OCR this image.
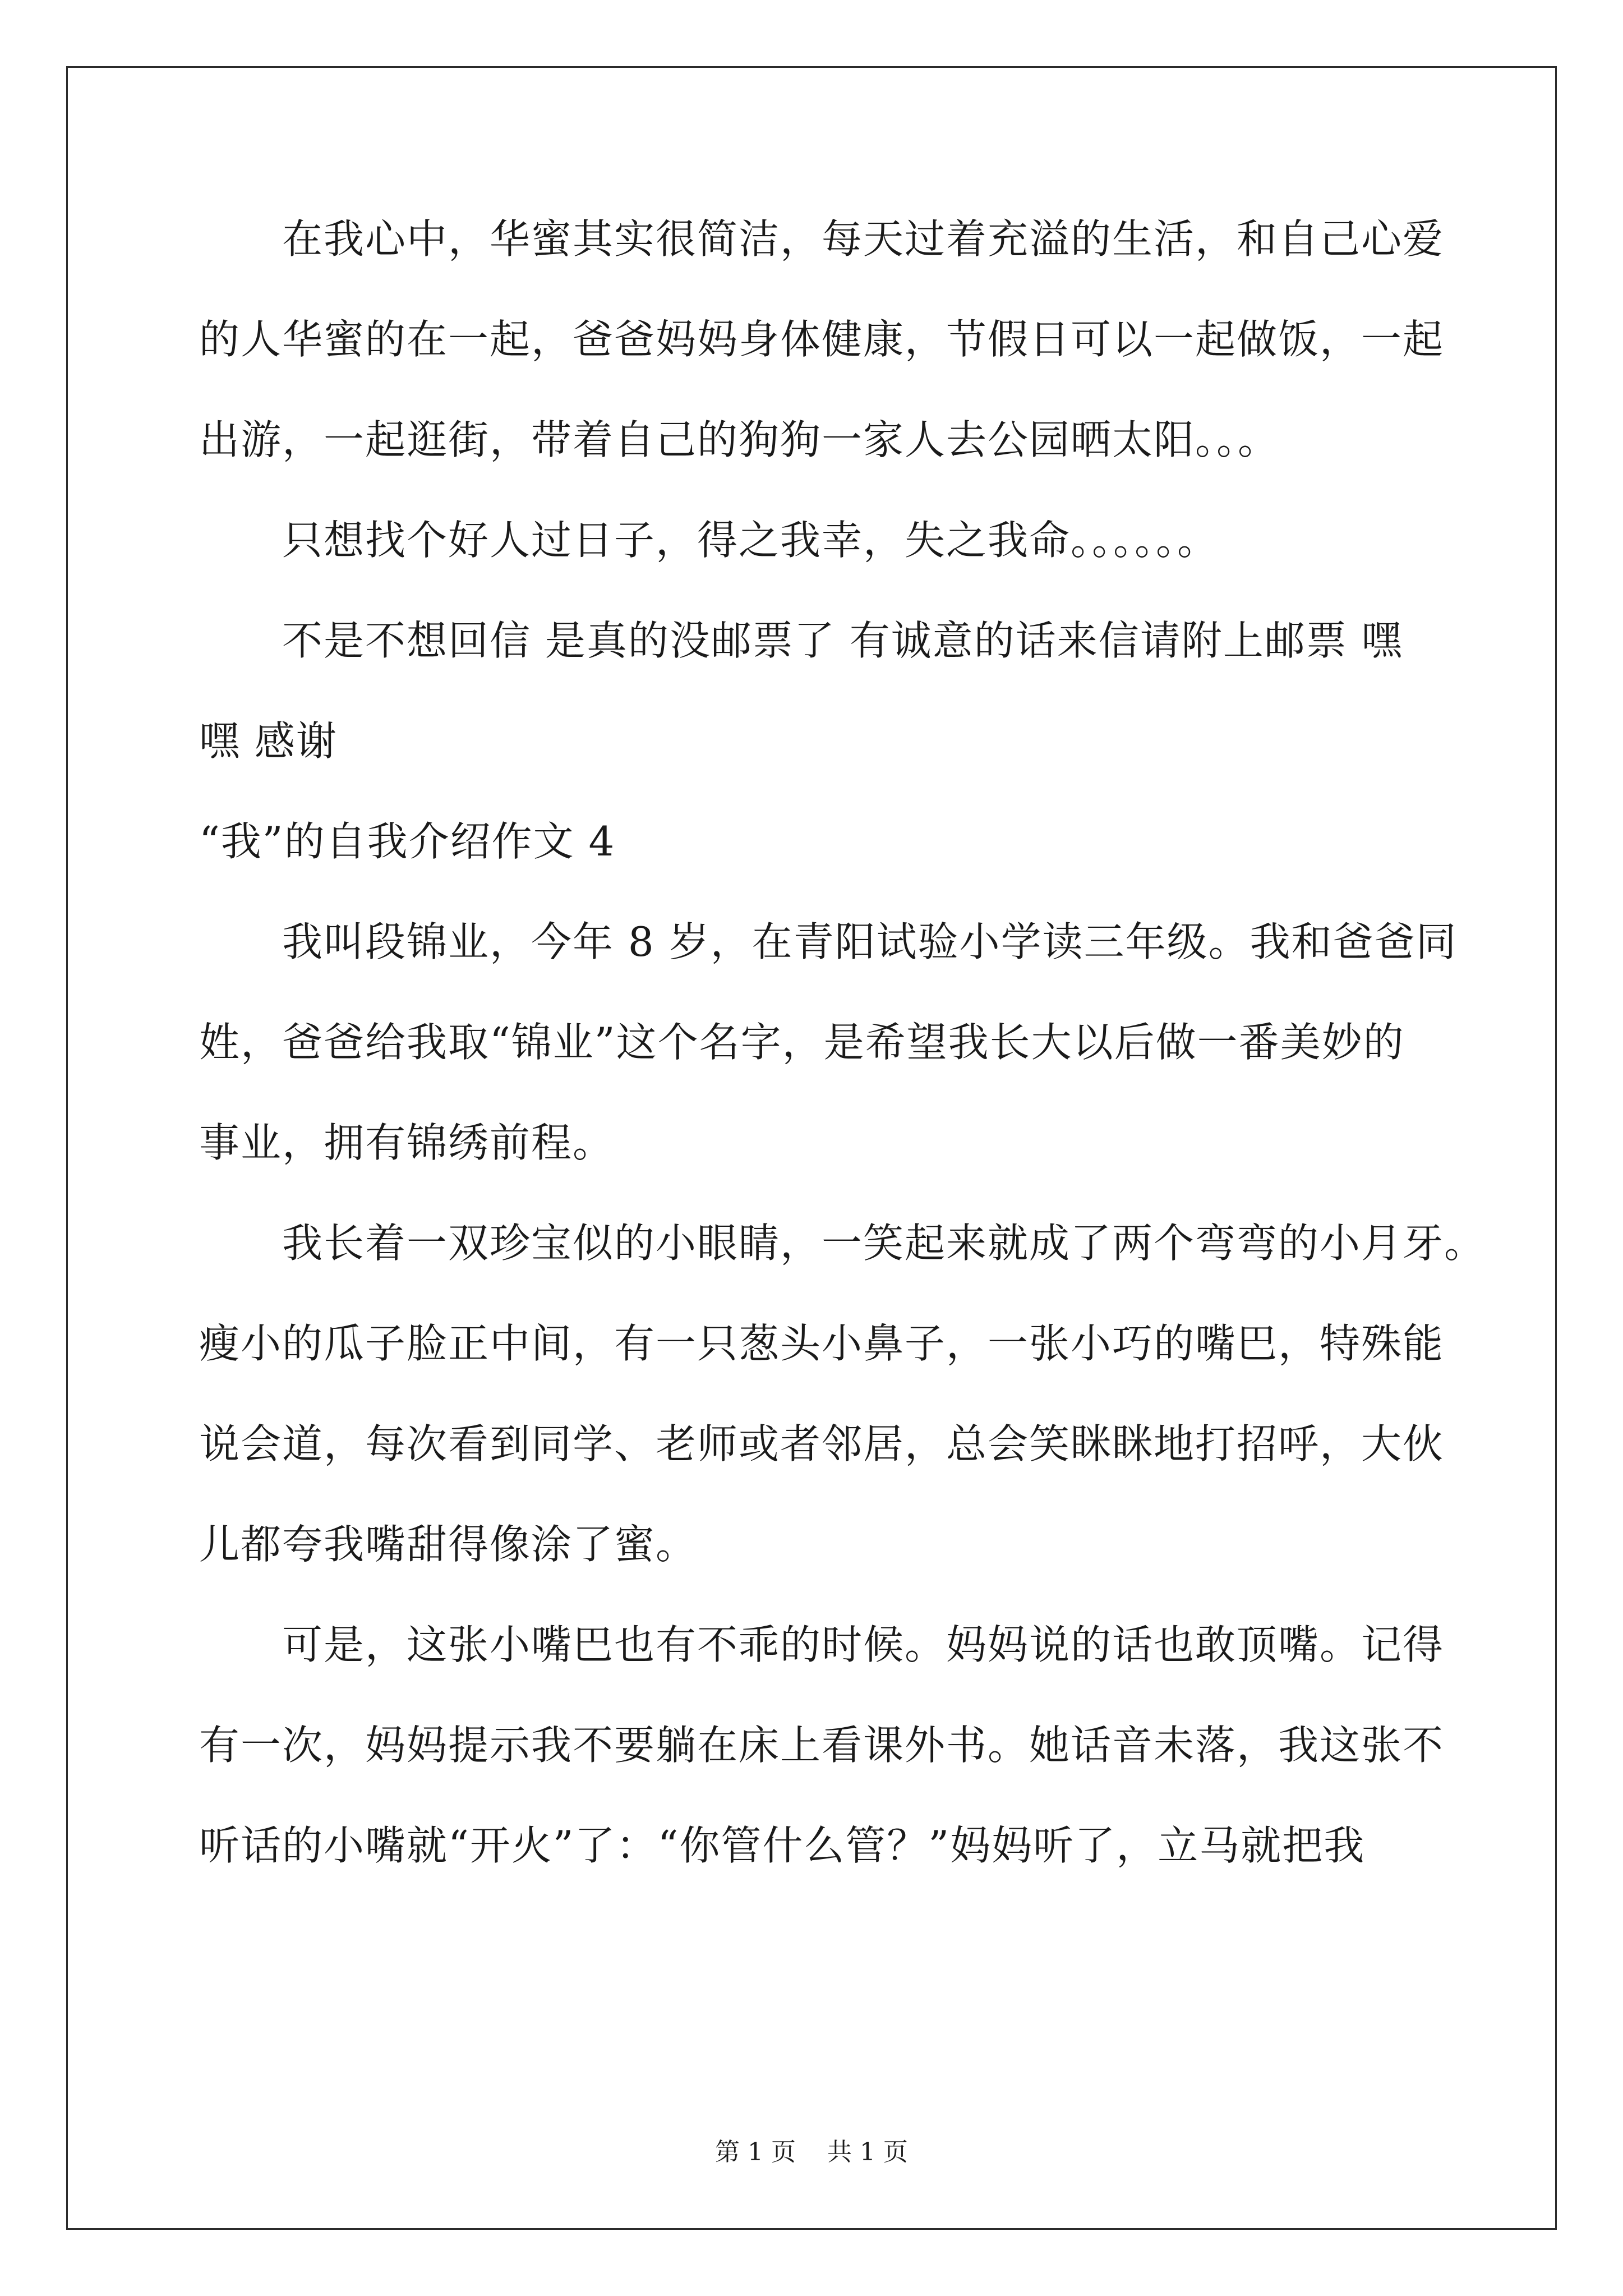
　　在我心中，华蜜其实很简洁，每天过着充溢的生活，和自己心爱
的人华蜜的在一起，爸爸妈妈身体健康，节假日可以一起做饭，一起
出游，一起逛街，带着自己的狗狗一家人去公园晒太阳。。。
　　只想找个好人过日子，得之我幸，失之我命。。。。。。
　　不是不想回信 是真的没邮票了 有诚意的话来信请附上邮票 嘿
嘿 感谢
“我”的自我介绍作文 4
　　我叫段锦业，今年 8 岁，在青阳试验小学读三年级。我和爸爸同
姓，爸爸给我取“锦业”这个名字，是希望我长大以后做一番美妙的
事业，拥有锦绣前程。
　　我长着一双珍宝似的小眼睛，一笑起来就成了两个弯弯的小月牙。
瘦小的瓜子脸正中间，有一只葱头小鼻子，一张小巧的嘴巴，特殊能
说会道，每次看到同学、老师或者邻居，总会笑眯眯地打招呼，大伙
儿都夸我嘴甜得像涂了蜜。
　　可是，这张小嘴巴也有不乖的时候。妈妈说的话也敢顶嘴。记得
有一次，妈妈提示我不要躺在床上看课外书。她话音未落，我这张不
听话的小嘴就“开火”了：“你管什么管？”妈妈听了，立马就把我
第 1 页    共 1 页
